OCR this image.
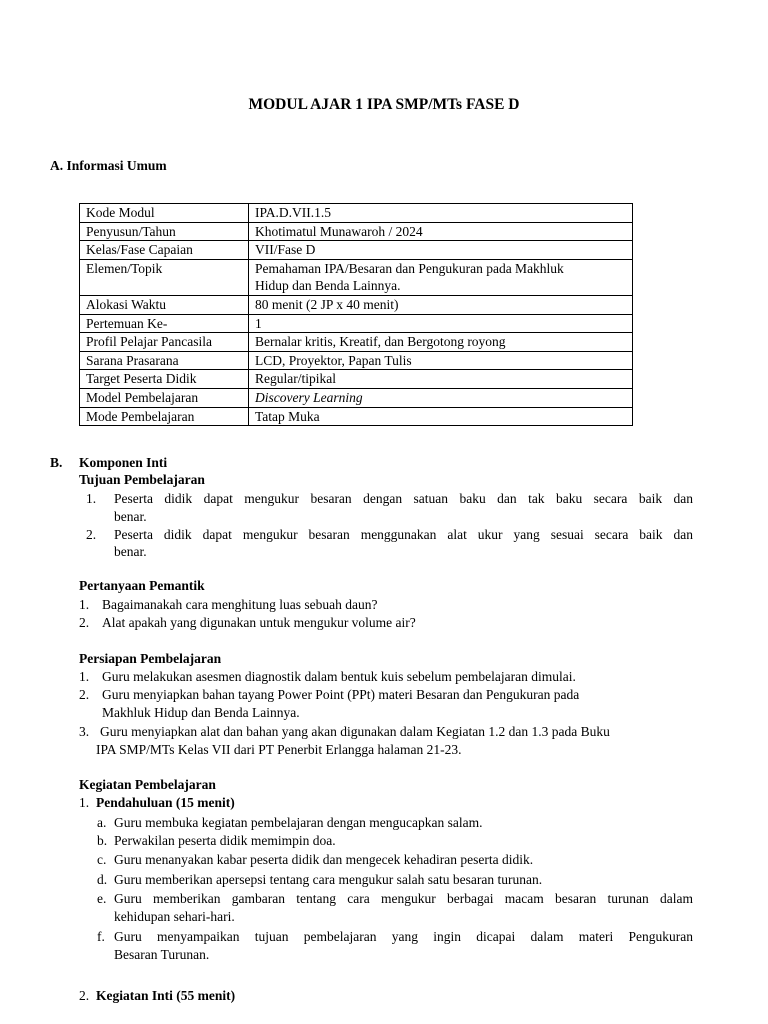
MODUL AJAR 1 IPA SMP/MTs FASE D
A. Informasi Umum
Kode Modul	IPA.D.VII.1.5
Penyusun/Tahun	Khotimatul Munawaroh / 2024
Kelas/Fase Capaian	VII/Fase D
Elemen/Topik	Pemahaman IPA/Besaran dan Pengukuran pada Makhluk
Hidup dan Benda Lainnya.

Alokasi Waktu	80 menit (2 JP x 40 menit)
Pertemuan Ke-	1
Profil Pelajar Pancasila	Bernalar kritis, Kreatif, dan Bergotong royong
Sarana Prasarana	LCD, Proyektor, Papan Tulis
Target Peserta Didik	Regular/tipikal
Model Pembelajaran	Discovery Learning
Mode Pembelajaran	Tatap Muka
B. Komponen Inti
Tujuan Pembelajaran
1. Peserta didik dapat mengukur besaran dengan satuan baku dan tak baku secara baik dan
benar.
2. Peserta didik dapat mengukur besaran menggunakan alat ukur yang sesuai secara baik dan
benar.
Pertanyaan Pemantik
1. Bagaimanakah cara menghitung luas sebuah daun?
2. Alat apakah yang digunakan untuk mengukur volume air?
Persiapan Pembelajaran
1. Guru melakukan asesmen diagnostik dalam bentuk kuis sebelum pembelajaran dimulai.
2. Guru menyiapkan bahan tayang Power Point (PPt) materi Besaran dan Pengukuran pada
Makhluk Hidup dan Benda Lainnya.
3. Guru menyiapkan alat dan bahan yang akan digunakan dalam Kegiatan 1.2 dan 1.3 pada Buku
IPA SMP/MTs Kelas VII dari PT Penerbit Erlangga halaman 21-23.
Kegiatan Pembelajaran
1. Pendahuluan (15 menit)
a. Guru membuka kegiatan pembelajaran dengan mengucapkan salam.
b. Perwakilan peserta didik memimpin doa.
c. Guru menanyakan kabar peserta didik dan mengecek kehadiran peserta didik.
d. Guru memberikan apersepsi tentang cara mengukur salah satu besaran turunan.
e. Guru memberikan gambaran tentang cara mengukur berbagai macam besaran turunan dalam
kehidupan sehari-hari.
f. Guru menyampaikan tujuan pembelajaran yang ingin dicapai dalam materi Pengukuran
Besaran Turunan.
2. Kegiatan Inti (55 menit)
